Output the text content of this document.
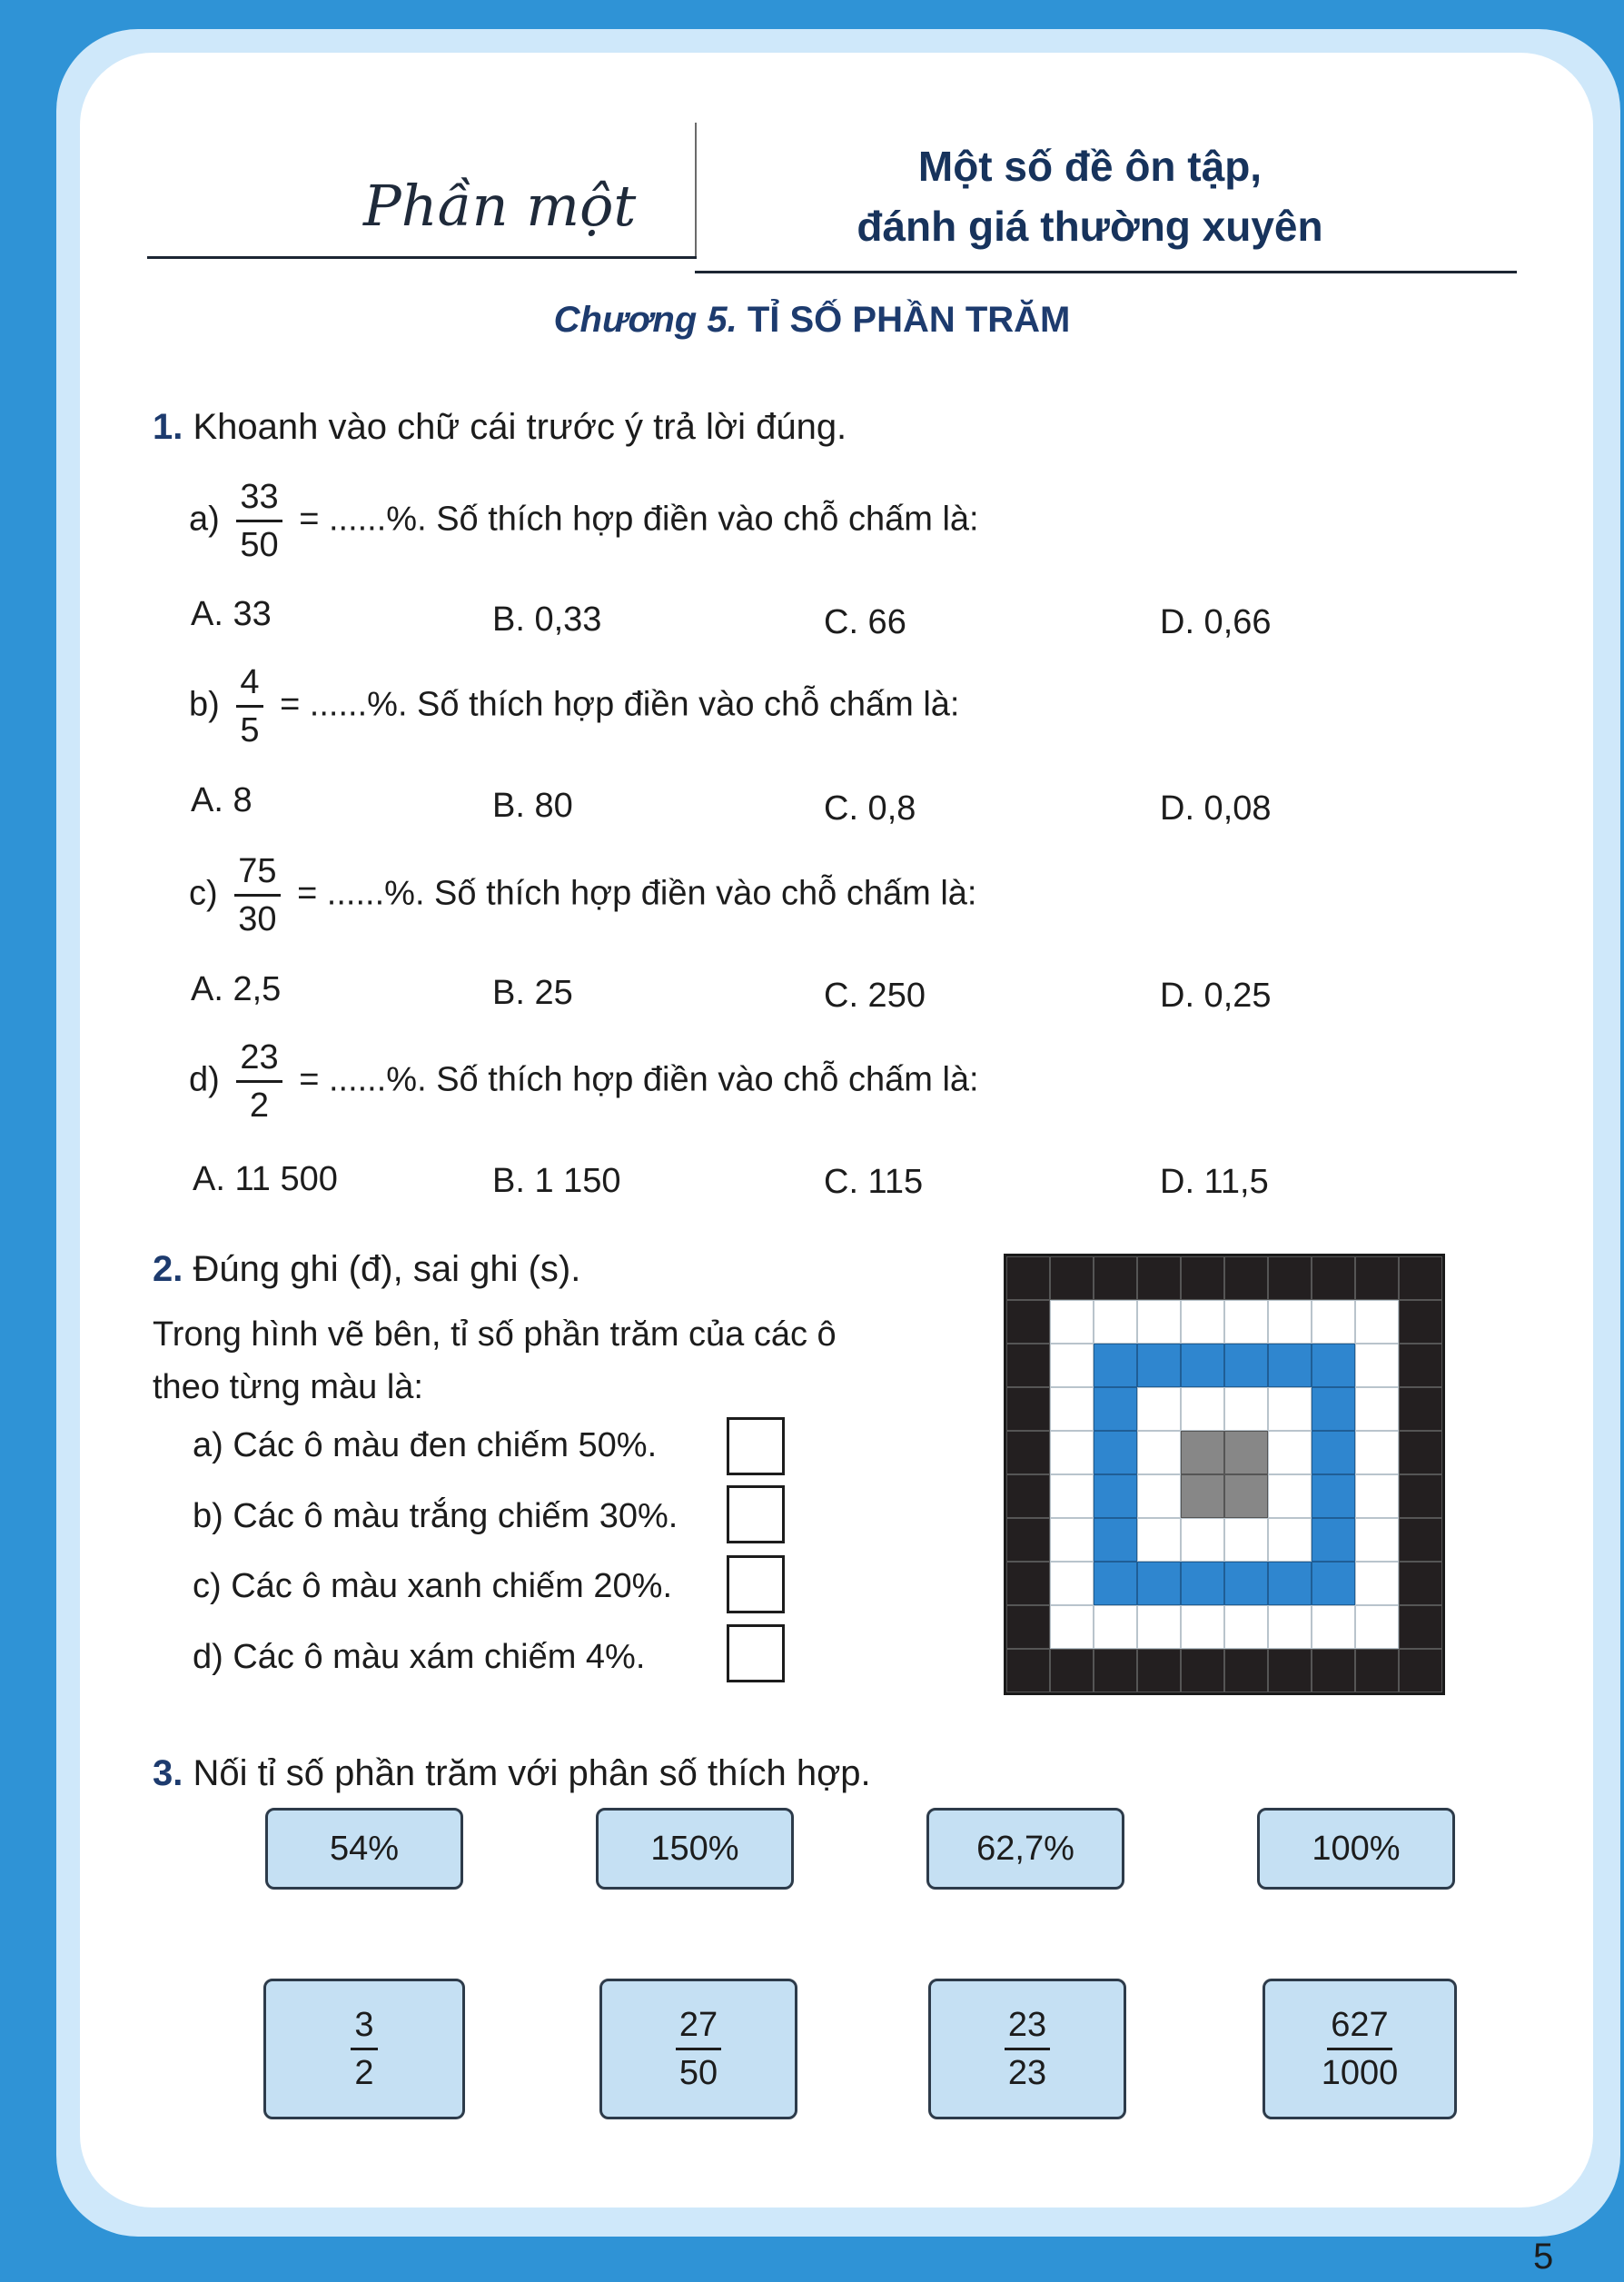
Phần một
Một số đề ôn tập,
đánh giá thường xuyên
Chương 5. TỈ SỐ PHẦN TRĂM
1. Khoanh vào chữ cái trước ý trả lời đúng.
$a) \frac{33}{50}$ = ......%. Số thích hợp điền vào chỗ chấm là:
A. 33	B. 0,33	C. 66	D. 0,66
$b) \frac{4}{5}$ = ......%. Số thích hợp điền vào chỗ chấm là:
A. 8	B. 80	C. 0,8	D. 0,08
$c) \frac{75}{30}$ = ......%. Số thích hợp điền vào chỗ chấm là:
A. 2,5	B. 25	C. 250	D. 0,25
$d) \frac{23}{2}$ = ......%. Số thích hợp điền vào chỗ chấm là:
A. 11 500	B. 1 150	C. 115	D. 11,5
2. Đúng ghi (đ), sai ghi (s).
Trong hình vẽ bên, tỉ số phần trăm của các ô
theo từng màu là:
a) Các ô màu đen chiếm 50%.
b) Các ô màu trắng chiếm 30%.
c) Các ô màu xanh chiếm 20%.
d) Các ô màu xám chiếm 4%.
3. Nối tỉ số phần trăm với phân số thích hợp.
54%	150%	62,7%	100%
$\frac{3}{2}$	$\frac{27}{50}$	$\frac{23}{23}$	$\frac{627}{1000}$
5
